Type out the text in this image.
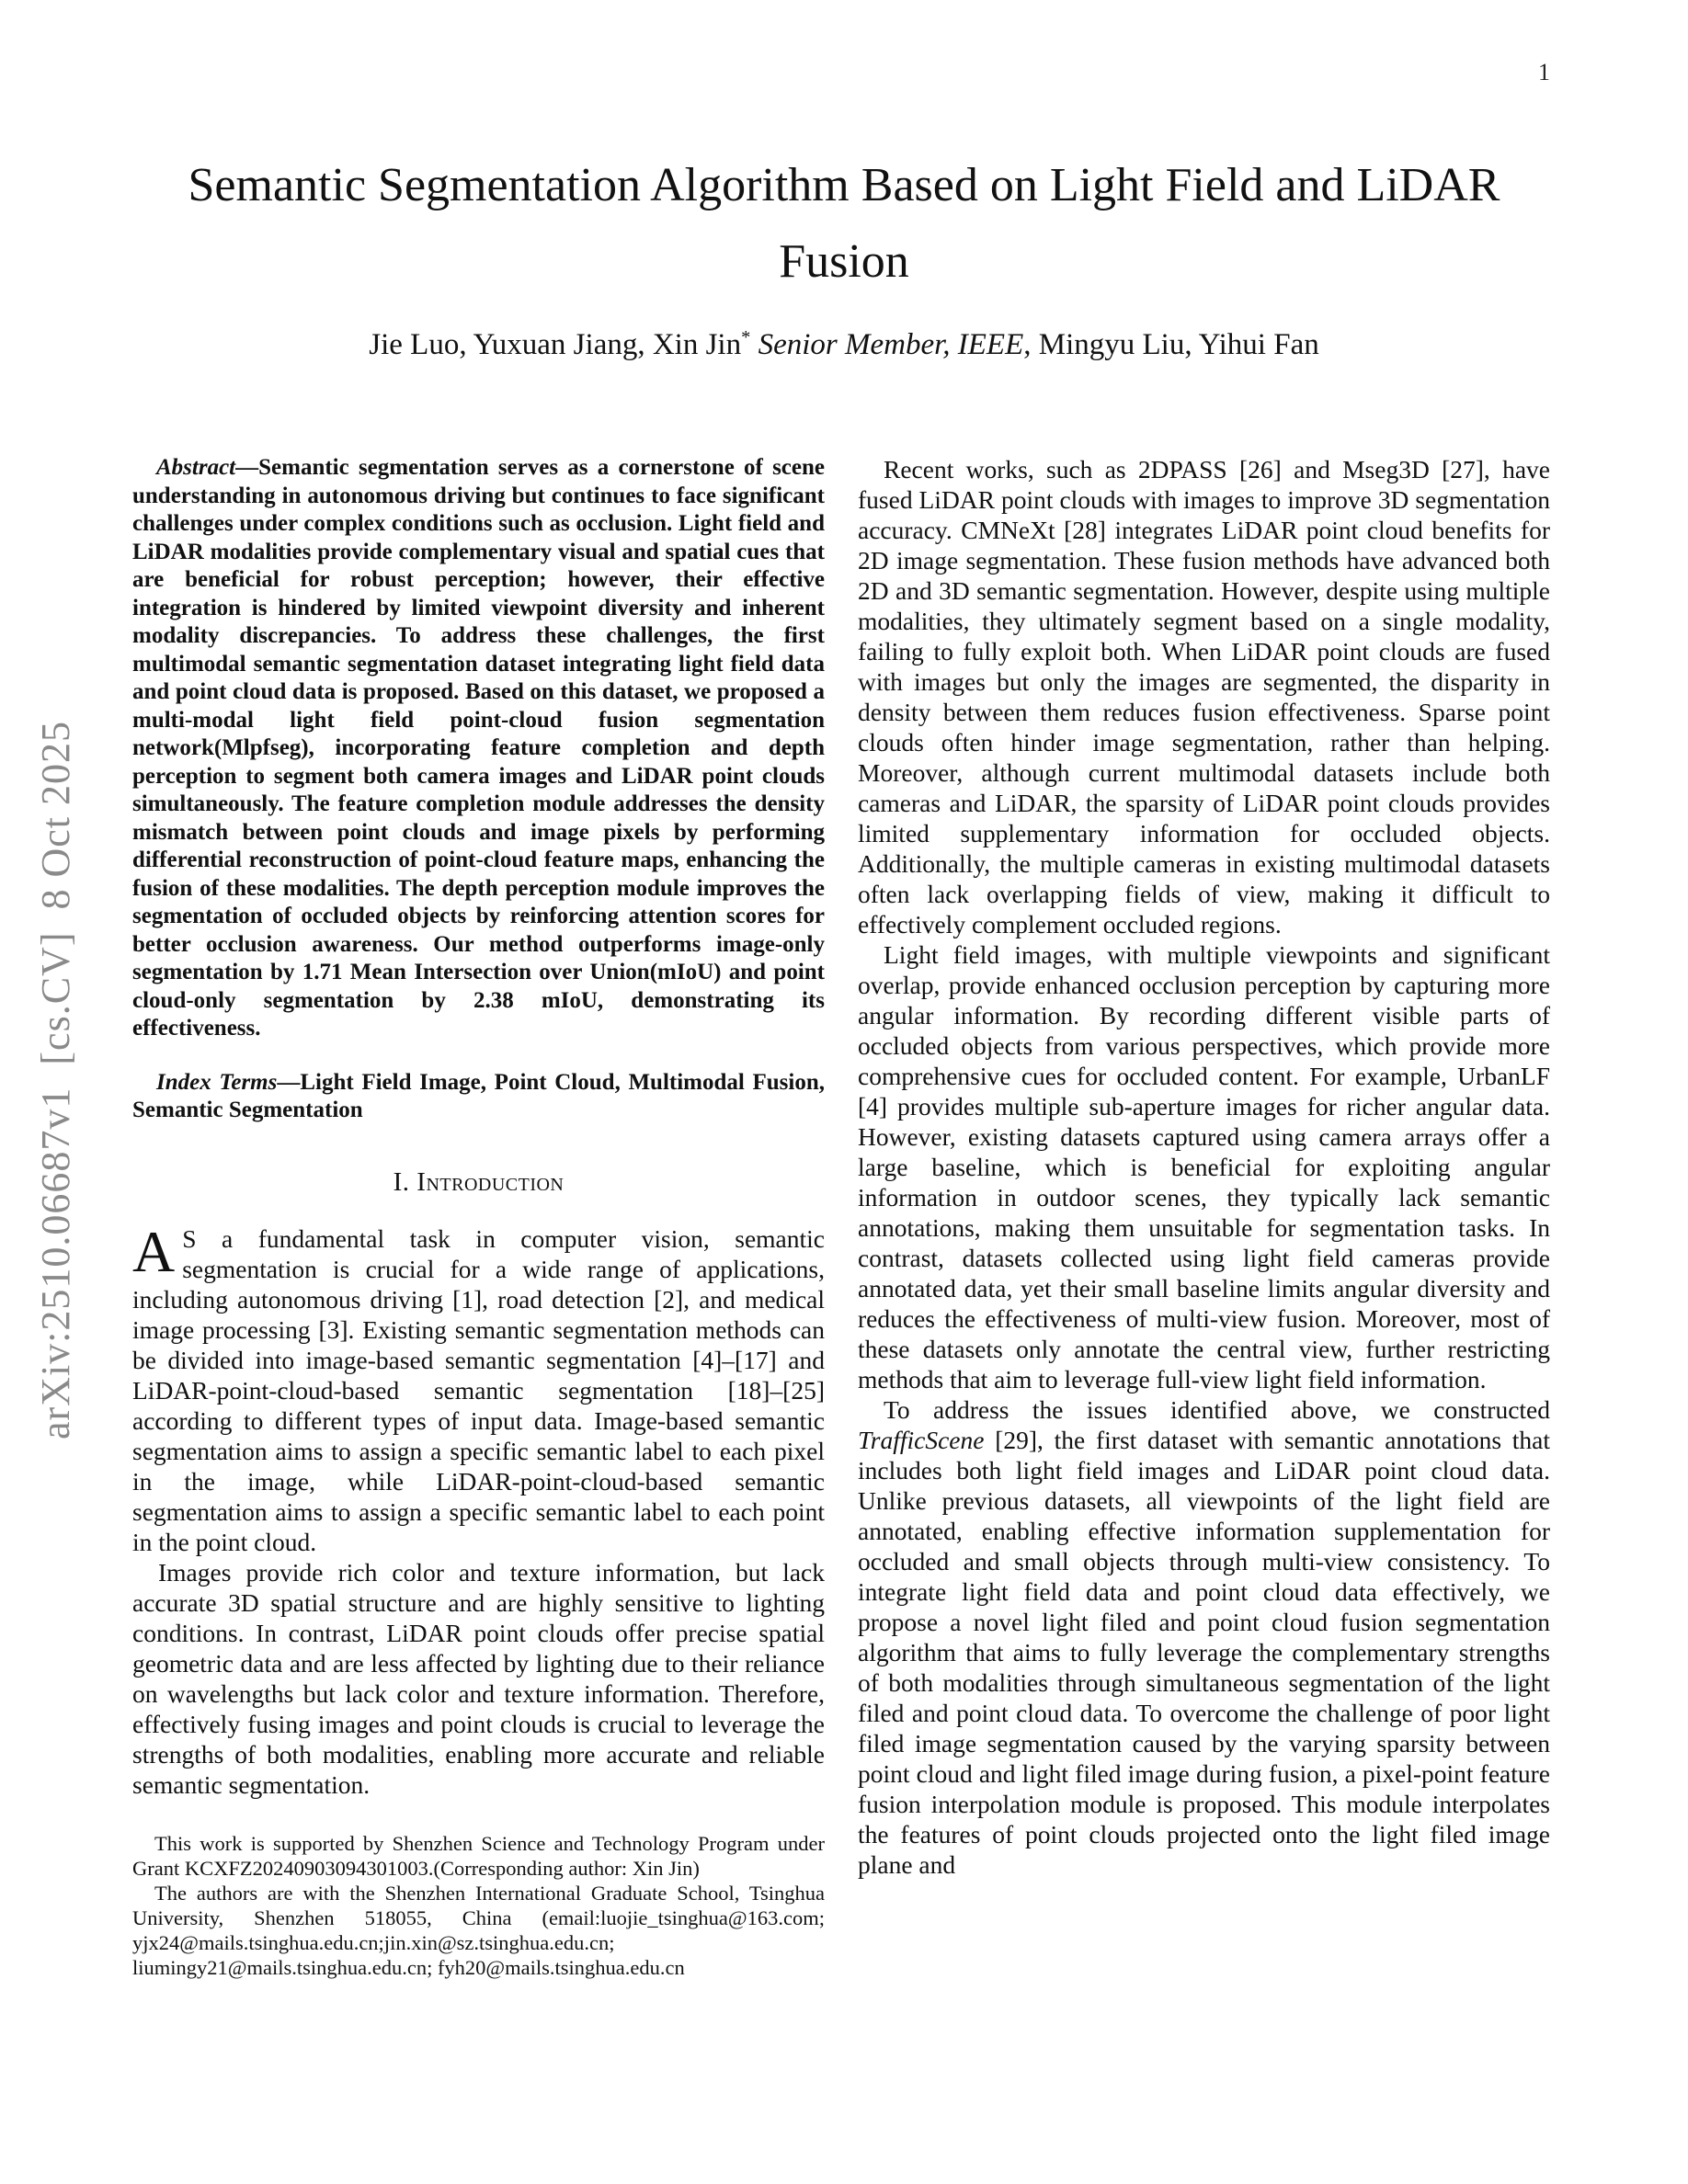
1
arXiv:2510.06687v1  [cs.CV]  8 Oct 2025
Semantic Segmentation Algorithm Based on Light Field and LiDAR
Fusion
Jie Luo, Yuxuan Jiang, Xin Jin* Senior Member, IEEE, Mingyu Liu, Yihui Fan

Abstract—Semantic segmentation serves as a cornerstone of scene understanding in autonomous driving but continues to face significant challenges under complex conditions such as occlusion. Light field and LiDAR modalities provide complementary visual and spatial cues that are beneficial for robust perception; however, their effective integration is hindered by limited viewpoint diversity and inherent modality discrepancies. To address these challenges, the first multimodal semantic segmentation dataset integrating light field data and point cloud data is proposed. Based on this dataset, we proposed a multi-modal light field point-cloud fusion segmentation network(Mlpfseg), incorporating feature completion and depth perception to segment both camera images and LiDAR point clouds simultaneously. The feature completion module addresses the density mismatch between point clouds and image pixels by performing differential reconstruction of point-cloud feature maps, enhancing the fusion of these modalities. The depth perception module improves the segmentation of occluded objects by reinforcing attention scores for better occlusion awareness. Our method outperforms image-only segmentation by 1.71 Mean Intersection over Union(mIoU) and point cloud-only segmentation by 2.38 mIoU, demonstrating its effectiveness.

Index Terms—Light Field Image, Point Cloud, Multimodal Fusion, Semantic Segmentation

I. Introduction

A S a fundamental task in computer vision, semantic segmentation is crucial for a wide range of applications, including autonomous driving [1], road detection [2], and medical image processing [3]. Existing semantic segmentation methods can be divided into image-based semantic segmentation [4]–[17] and LiDAR-point-cloud-based semantic segmentation [18]–[25] according to different types of input data. Image-based semantic segmentation aims to assign a specific semantic label to each pixel in the image, while LiDAR-point-cloud-based semantic segmentation aims to assign a specific semantic label to each point in the point cloud.

Images provide rich color and texture information, but lack accurate 3D spatial structure and are highly sensitive to lighting conditions. In contrast, LiDAR point clouds offer precise spatial geometric data and are less affected by lighting due to their reliance on wavelengths but lack color and texture information. Therefore, effectively fusing images and point clouds is crucial to leverage the strengths of both modalities, enabling more accurate and reliable semantic segmentation.

This work is supported by Shenzhen Science and Technology Program under Grant KCXFZ20240903094301003.(Corresponding author: Xin Jin)

The authors are with the Shenzhen International Graduate School, Tsinghua University, Shenzhen 518055, China (email:luojie_tsinghua@163.com; yjx24@mails.tsinghua.edu.cn;jin.xin@sz.tsinghua.edu.cn; liumingy21@mails.tsinghua.edu.cn; fyh20@mails.tsinghua.edu.cn

Recent works, such as 2DPASS [26] and Mseg3D [27], have fused LiDAR point clouds with images to improve 3D segmentation accuracy. CMNeXt [28] integrates LiDAR point cloud benefits for 2D image segmentation. These fusion methods have advanced both 2D and 3D semantic segmentation. However, despite using multiple modalities, they ultimately segment based on a single modality, failing to fully exploit both. When LiDAR point clouds are fused with images but only the images are segmented, the disparity in density between them reduces fusion effectiveness. Sparse point clouds often hinder image segmentation, rather than helping. Moreover, although current multimodal datasets include both cameras and LiDAR, the sparsity of LiDAR point clouds provides limited supplementary information for occluded objects. Additionally, the multiple cameras in existing multimodal datasets often lack overlapping fields of view, making it difficult to effectively complement occluded regions.

Light field images, with multiple viewpoints and significant overlap, provide enhanced occlusion perception by capturing more angular information. By recording different visible parts of occluded objects from various perspectives, which provide more comprehensive cues for occluded content. For example, UrbanLF [4] provides multiple sub-aperture images for richer angular data. However, existing datasets captured using camera arrays offer a large baseline, which is beneficial for exploiting angular information in outdoor scenes, they typically lack semantic annotations, making them unsuitable for segmentation tasks. In contrast, datasets collected using light field cameras provide annotated data, yet their small baseline limits angular diversity and reduces the effectiveness of multi-view fusion. Moreover, most of these datasets only annotate the central view, further restricting methods that aim to leverage full-view light field information.

To address the issues identified above, we constructed TrafficScene [29], the first dataset with semantic annotations that includes both light field images and LiDAR point cloud data. Unlike previous datasets, all viewpoints of the light field are annotated, enabling effective information supplementation for occluded and small objects through multi-view consistency. To integrate light field data and point cloud data effectively, we propose a novel light filed and point cloud fusion segmentation algorithm that aims to fully leverage the complementary strengths of both modalities through simultaneous segmentation of the light filed and point cloud data. To overcome the challenge of poor light filed image segmentation caused by the varying sparsity between point cloud and light filed image during fusion, a pixel-point feature fusion interpolation module is proposed. This module interpolates the features of point clouds projected onto the light filed image plane and
